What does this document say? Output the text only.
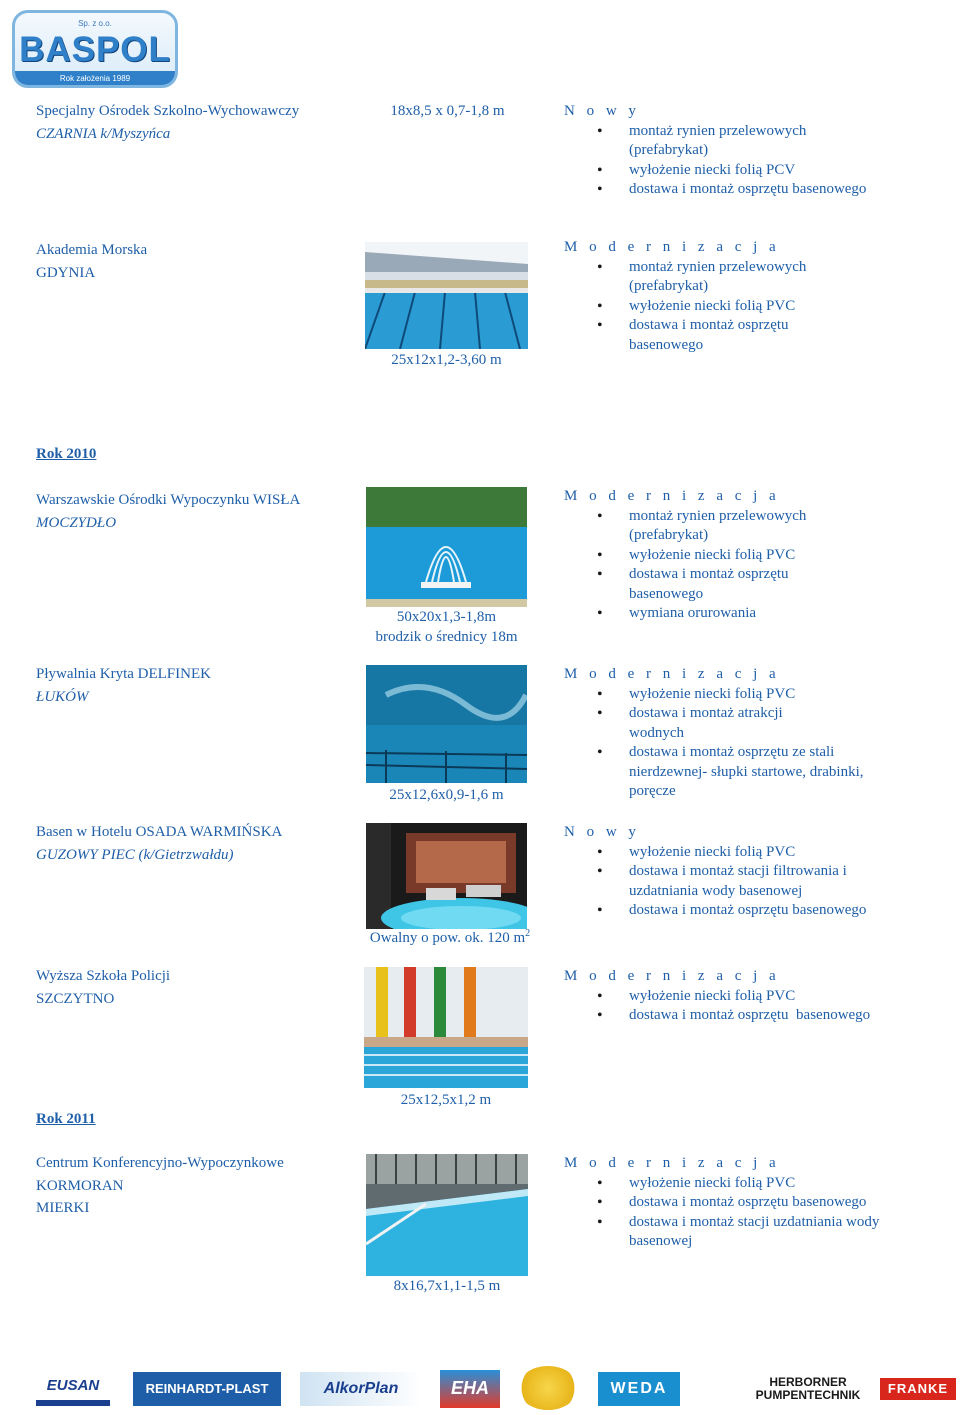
Sp. z o.o.
BASPOL
Rok założenia 1989
Specjalny Ośrodek Szkolno-Wychowawczy
CZARNIA k/Myszyńca
18x8,5 x 0,7-1,8 m	N o w y
• montaż rynien przelewowych (prefabrykat)
• wyłożenie niecki folią PCV
• dostawa i montaż osprzętu basenowego
Akademia Morska
GDYNIA
25x12x1,2-3,60 m
M o d e r n i z a c j a
• montaż rynien przelewowych (prefabrykat)
• wyłożenie niecki folią PVC
• dostawa i montaż osprzętu basenowego
Rok 2010
Warszawskie Ośrodki Wypoczynku WISŁA
MOCZYDŁO
50x20x1,3-1,8m
brodzik o średnicy 18m
M o d e r n i z a c j a
• montaż rynien przelewowych (prefabrykat)
• wyłożenie niecki folią PVC
• dostawa i montaż osprzętu basenowego
• wymiana orurowania
Pływalnia Kryta DELFINEK
ŁUKÓW
25x12,6x0,9-1,6 m
M o d e r n i z a c j a
• wyłożenie niecki folią PVC
• dostawa i montaż atrakcji wodnych
• dostawa i montaż osprzętu ze stali nierdzewnej- słupki startowe, drabinki, poręcze
Basen w Hotelu OSADA WARMIŃSKA
GUZOWY PIEC (k/Gietrzwałdu)
Owalny o pow. ok. 120 $m^2$
N o w y
• wyłożenie niecki folią PVC
• dostawa i montaż stacji filtrowania i uzdatniania wody basenowej
• dostawa i montaż osprzętu basenowego
Wyższa Szkoła Policji
SZCZYTNO
25x12,5x1,2 m
M o d e r n i z a c j a
• wyłożenie niecki folią PVC
• dostawa i montaż osprzętu  basenowego
Rok 2011
Centrum Konferencyjno-Wypoczynkowe
KORMORAN
MIERKI
8x16,7x1,1-1,5 m
M o d e r n i z a c j a
• wyłożenie niecki folią PVC
• dostawa i montaż osprzętu basenowego
• dostawa i montaż stacji uzdatniania wody basenowej
EUSAN	REINHARDT-PLAST	AlkorPlan	EHA	WEDA	HERBORNER PUMPENTECHNIK	FRANKE
